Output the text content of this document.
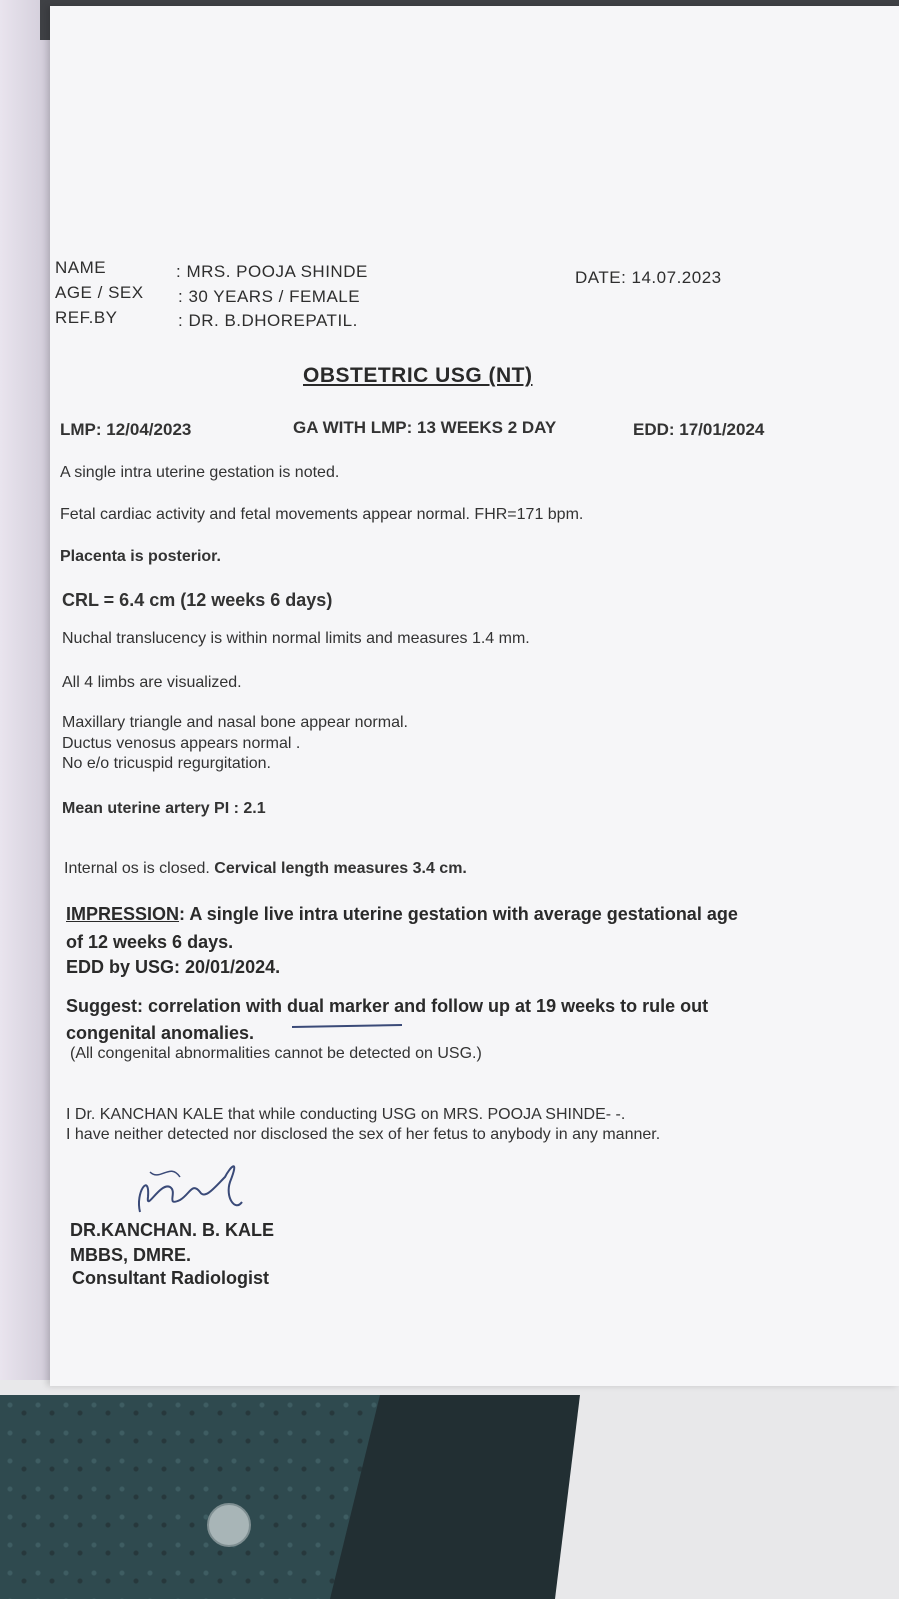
NAME	: MRS. POOJA SHINDE
AGE / SEX : 30 YEARS / FEMALE
REF.BY	: DR. B.DHOREPATIL.
DATE: 14.07.2023
OBSTETRIC USG (NT)
LMP: 12/04/2023	GA WITH LMP: 13 WEEKS 2 DAY	EDD: 17/01/2024
A single intra uterine gestation is noted.
Fetal cardiac activity and fetal movements appear normal. FHR=171 bpm.
Placenta is posterior.
CRL = 6.4 cm (12 weeks 6 days)
Nuchal translucency is within normal limits and measures 1.4 mm.
All 4 limbs are visualized.
Maxillary triangle and nasal bone appear normal.
Ductus venosus appears normal .
No e/o tricuspid regurgitation.
Mean uterine artery PI : 2.1
Internal os is closed. Cervical length measures 3.4 cm.
IMPRESSION: A single live intra uterine gestation with average gestational age
of 12 weeks 6 days.
EDD by USG: 20/01/2024.
Suggest: correlation with dual marker and follow up at 19 weeks to rule out
congenital anomalies.
(All congenital abnormalities cannot be detected on USG.)
I Dr. KANCHAN KALE that while conducting USG on MRS. POOJA SHINDE- -.
I have neither detected nor disclosed the sex of her fetus to anybody in any manner.
DR.KANCHAN. B. KALE
MBBS, DMRE.
Consultant Radiologist
